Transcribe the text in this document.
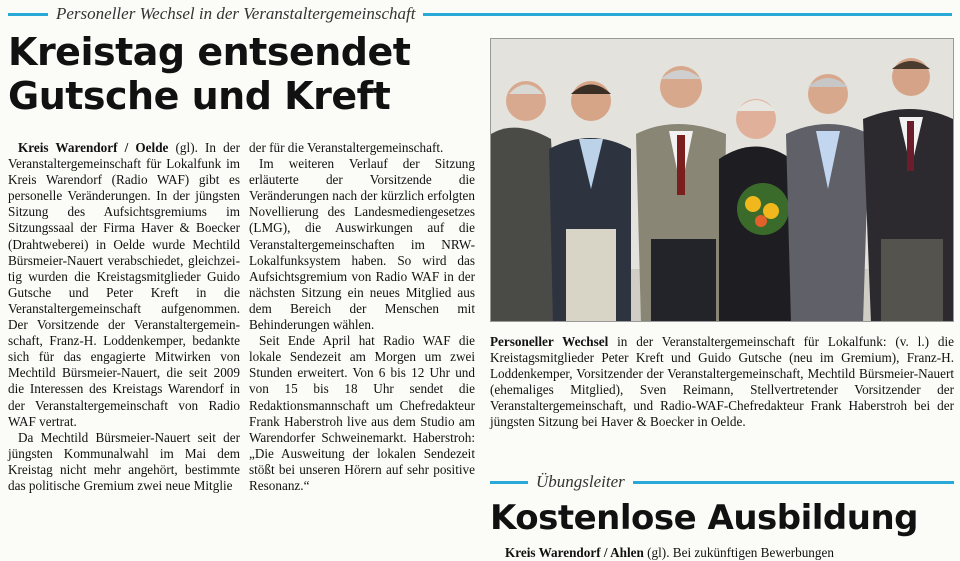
Personeller Wechsel in der Veranstaltergemeinschaft
Kreistag entsendet
Gutsche und Kreft

Kreis Warendorf / Oelde (gl). In der Veranstaltergemeinschaft für Lokalfunk im Kreis Warendorf (Radio WAF) gibt es personelle Veränderungen. In der jüngsten Sitzung des Aufsichtsgremiums im Sitzungssaal der Firma Haver & Boecker (Drahtweberei) in Oelde wurde Mechtild Bürsmeier-Nauert verabschiedet, gleichzeitig wurden die Kreistagsmitglieder Guido Gutsche und Peter Kreft in die Veranstaltergemeinschaft aufgenommen. Der Vorsitzende der Veranstaltergemeinschaft, Franz-H. Loddenkemper, bedankte sich für das engagierte Mitwirken von Mechtild Bürsmeier-Nauert, die seit 2009 die Interessen des Kreistags Warendorf in der Veranstaltergemeinschaft von Radio WAF vertrat.

Da Mechtild Bürsmeier-Nauert seit der jüngsten Kommunalwahl im Mai dem Kreistag nicht mehr angehört, bestimmte das politische Gremium zwei neue Mitglie

der für die Veranstaltergemeinschaft.

Im weiteren Verlauf der Sitzung erläuterte der Vorsitzende die Veränderungen nach der kürzlich erfolgten Novellierung des Landesmediengesetzes (LMG), die Auswirkungen auf die Veranstaltergemeinschaften im NRW-Lokalfunksystem haben. So wird das Aufsichtsgremium von Radio WAF in der nächsten Sitzung ein neues Mitglied aus dem Bereich der Menschen mit Behinderungen wählen.

Seit Ende April hat Radio WAF die lokale Sendezeit am Morgen um zwei Stunden erweitert. Von 6 bis 12 Uhr und von 15 bis 18 Uhr sendet die Redaktionsmannschaft um Chefredakteur Frank Haberstroh live aus dem Studio am Warendorfer Schweinemarkt. Haberstroh: „Die Ausweitung der lokalen Sendezeit stößt bei unseren Hörern auf sehr positive Resonanz.“

Personeller Wechsel in der Veranstaltergemeinschaft für Lokalfunk: (v. l.) die Kreistagsmitglieder Peter Kreft und Guido Gutsche (neu im Gremium), Franz-H. Loddenkemper, Vorsitzender der Veranstaltergemeinschaft, Mechtild Bürsmeier-Nauert (ehemaliges Mitglied), Sven Reimann, Stellvertretender Vorsitzender der Veranstaltergemeinschaft, und Radio-WAF-Chefredakteur Frank Haberstroh bei der jüngsten Sitzung bei Haver & Boecker in Oelde.
Übungsleiter
Kostenlose Ausbildung
Kreis Warendorf / Ahlen (gl). Bei zukünftigen Bewerbungen
